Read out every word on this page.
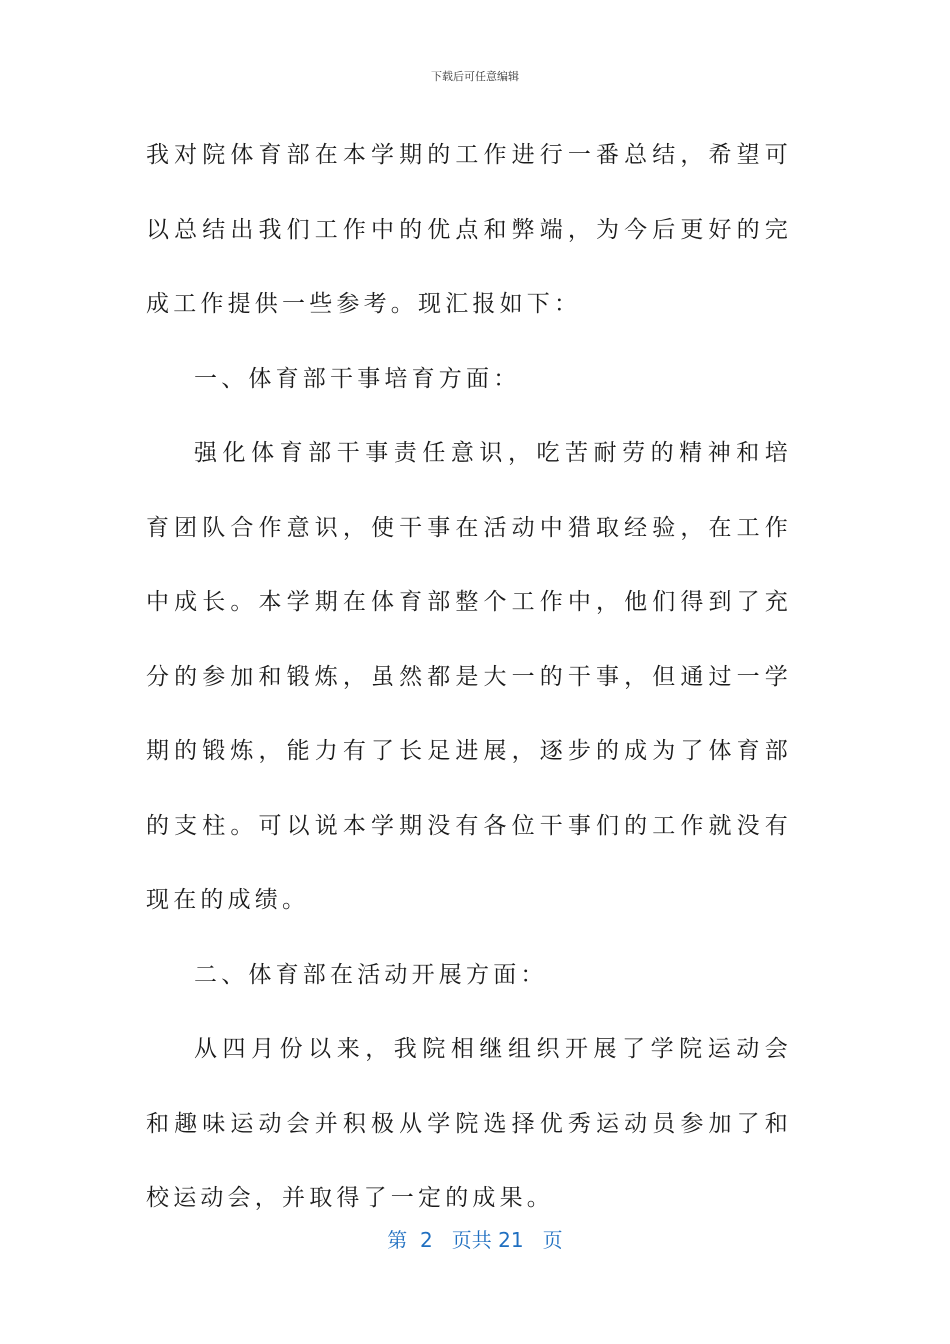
下载后可任意编辑

我对院体育部在本学期的工作进行一番总结，希望可以总结出我们工作中的优点和弊端，为今后更好的完成工作提供一些参考。现汇报如下：

一、体育部干事培育方面：

强化体育部干事责任意识，吃苦耐劳的精神和培育团队合作意识，使干事在活动中猎取经验，在工作中成长。本学期在体育部整个工作中，他们得到了充分的参加和锻炼，虽然都是大一的干事，但通过一学期的锻炼，能力有了长足进展，逐步的成为了体育部的支柱。可以说本学期没有各位干事们的工作就没有现在的成绩。

二、体育部在活动开展方面：

从四月份以来，我院相继组织开展了学院运动会和趣味运动会并积极从学院选择优秀运动员参加了和校运动会，并取得了一定的成果。

第  2   页共 21   页
